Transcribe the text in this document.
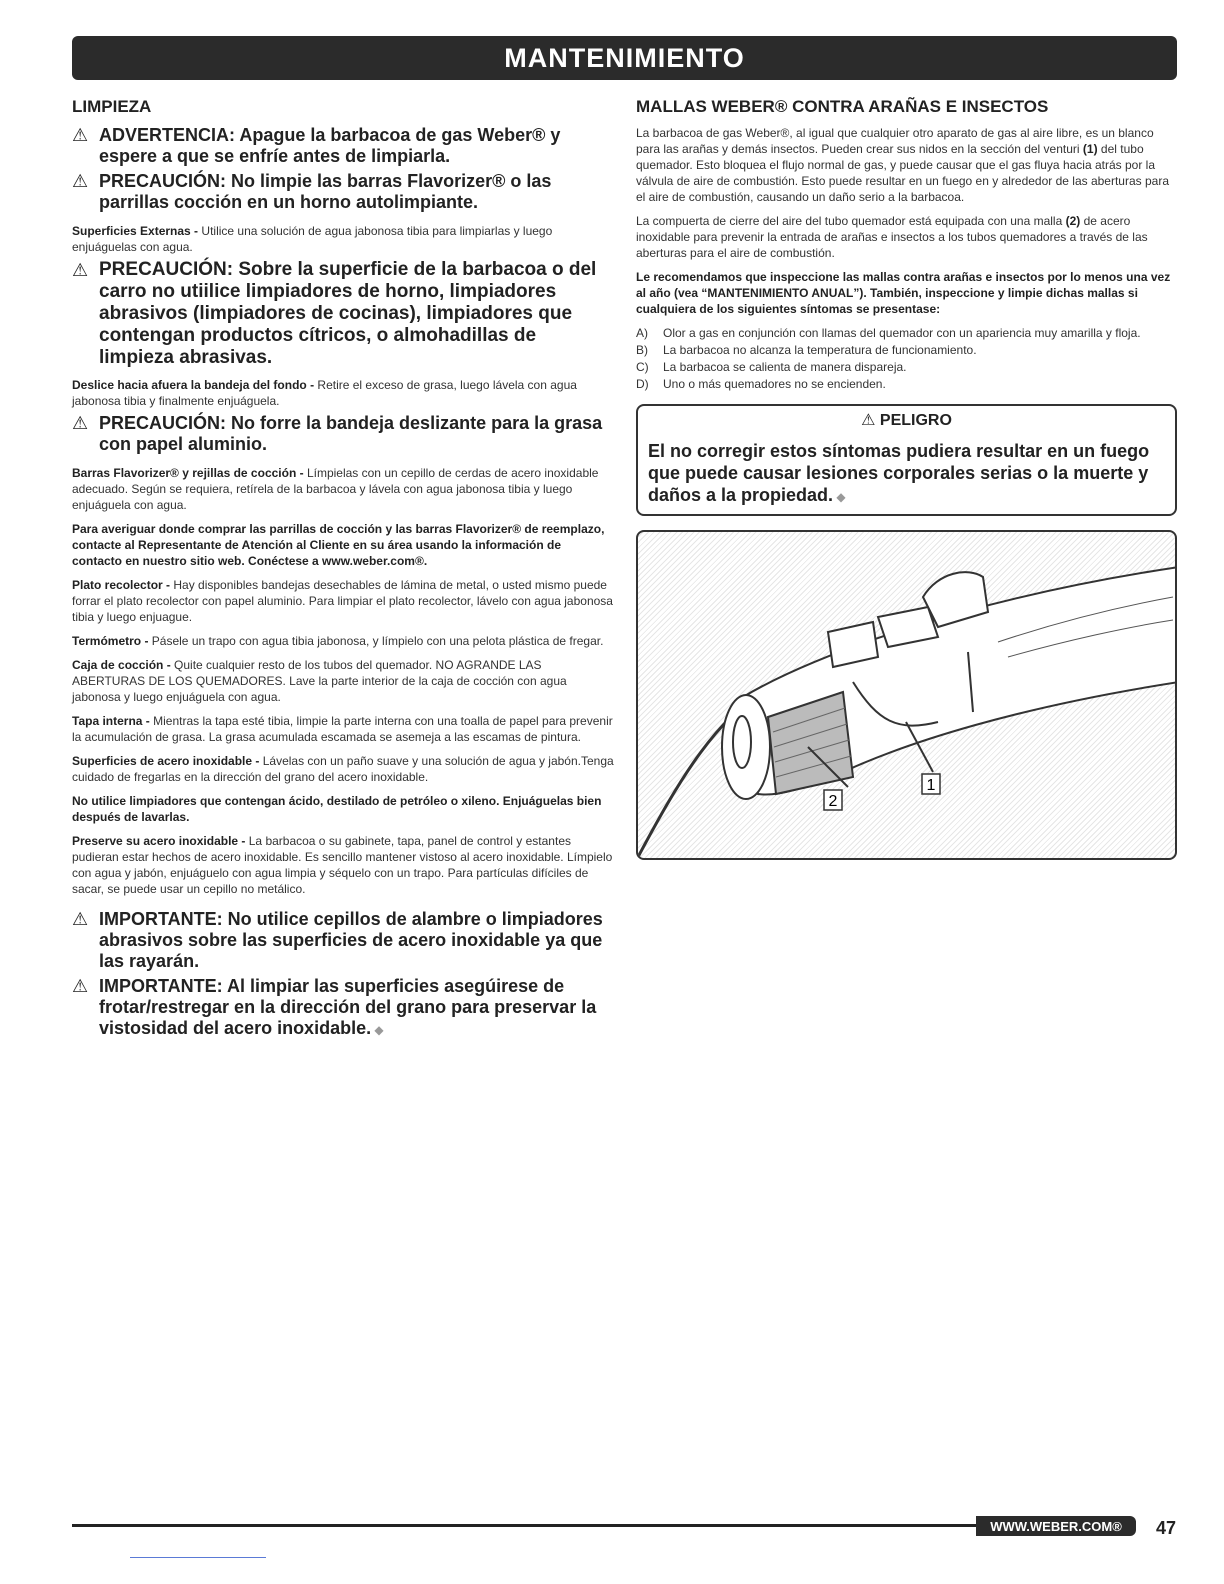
MANTENIMIENTO
LIMPIEZA
⚠ ADVERTENCIA: Apague la barbacoa de gas Weber® y espere a que se enfríe antes de limpiarla.
⚠ PRECAUCIÓN: No limpie las barras Flavorizer® o las parrillas cocción en un horno autolimpiante.

Superficies Externas - Utilice una solución de agua jabonosa tibia para limpiarlas y luego enjuáguelas con agua.

⚠ PRECAUCIÓN: Sobre la superficie de la barbacoa o del carro no utiilice limpiadores de horno, limpiadores abrasivos (limpiadores de cocinas), limpiadores que contengan productos cítricos, o almohadillas de limpieza abrasivas.

Deslice hacia afuera la bandeja del fondo - Retire el exceso de grasa, luego lávela con agua jabonosa tibia y finalmente enjuáguela.

⚠ PRECAUCIÓN: No forre la bandeja deslizante para la grasa con papel aluminio.

Barras Flavorizer® y rejillas de cocción - Límpielas con un cepillo de cerdas de acero inoxidable adecuado. Según se requiera, retírela de la barbacoa y lávela con agua jabonosa tibia y luego enjuáguela con agua.

Para averiguar donde comprar las parrillas de cocción y las barras Flavorizer® de reemplazo, contacte al Representante de Atención al Cliente en su área usando la información de contacto en nuestro sitio web. Conéctese a www.weber.com®.

Plato recolector - Hay disponibles bandejas desechables de lámina de metal, o usted mismo puede forrar el plato recolector con papel aluminio. Para limpiar el plato recolector, lávelo con agua jabonosa tibia y luego enjuague.

Termómetro - Pásele un trapo con agua tibia jabonosa, y límpielo con una pelota plástica de fregar.

Caja de cocción - Quite cualquier resto de los tubos del quemador. NO AGRANDE LAS ABERTURAS DE LOS QUEMADORES. Lave la parte interior de la caja de cocción con agua jabonosa y luego enjuáguela con agua.

Tapa interna - Mientras la tapa esté tibia, limpie la parte interna con una toalla de papel para prevenir la acumulación de grasa. La grasa acumulada escamada se asemeja a las escamas de pintura.

Superficies de acero inoxidable - Lávelas con un paño suave y una solución de agua y jabón.Tenga cuidado de fregarlas en la dirección del grano del acero inoxidable.

No utilice limpiadores que contengan ácido, destilado de petróleo o xileno. Enjuáguelas bien después de lavarlas.

Preserve su acero inoxidable - La barbacoa o su gabinete, tapa, panel de control y estantes pudieran estar hechos de acero inoxidable. Es sencillo mantener vistoso al acero inoxidable. Límpielo con agua y jabón, enjuáguelo con agua limpia y séquelo con un trapo. Para partículas difíciles de sacar, se puede usar un cepillo no metálico.

⚠ IMPORTANTE: No utilice cepillos de alambre o limpiadores abrasivos sobre las superficies de acero inoxidable ya que las rayarán.
⚠ IMPORTANTE: Al limpiar las superficies asegúirese de frotar/restregar en la dirección del grano para preservar la vistosidad del acero inoxidable. ◆
MALLAS WEBER® CONTRA ARAÑAS E INSECTOS

La barbacoa de gas Weber®, al igual que cualquier otro aparato de gas al aire libre, es un blanco para las arañas y demás insectos. Pueden crear sus nidos en la sección del venturi (1) del tubo quemador. Esto bloquea el flujo normal de gas, y puede causar que el gas fluya hacia atrás por la válvula de aire de combustión. Esto puede resultar en un fuego en y alrededor de las aberturas para el aire de combustión, causando un daño serio a la barbacoa.

La compuerta de cierre del aire del tubo quemador está equipada con una malla (2) de acero inoxidable para prevenir la entrada de arañas e insectos a los tubos quemadores a través de las aberturas para el aire de combustión.

Le recomendamos que inspeccione las mallas contra arañas e insectos por lo menos una vez al año (vea “MANTENIMIENTO ANUAL”). También, inspeccione y limpie dichas mallas si cualquiera de los siguientes síntomas se presentase:

A) Olor a gas en conjunción con llamas del quemador con un apariencia muy amarilla y floja.
B) La barbacoa no alcanza la temperatura de funcionamiento.
C) La barbacoa se calienta de manera dispareja.
D) Uno o más quemadores no se encienden.
⚠ PELIGRO
El no corregir estos síntomas pudiera resultar en un fuego que puede causar lesiones corporales serias o la muerte y daños a la propiedad. ◆
1
2
WWW.WEBER.COM®	47
